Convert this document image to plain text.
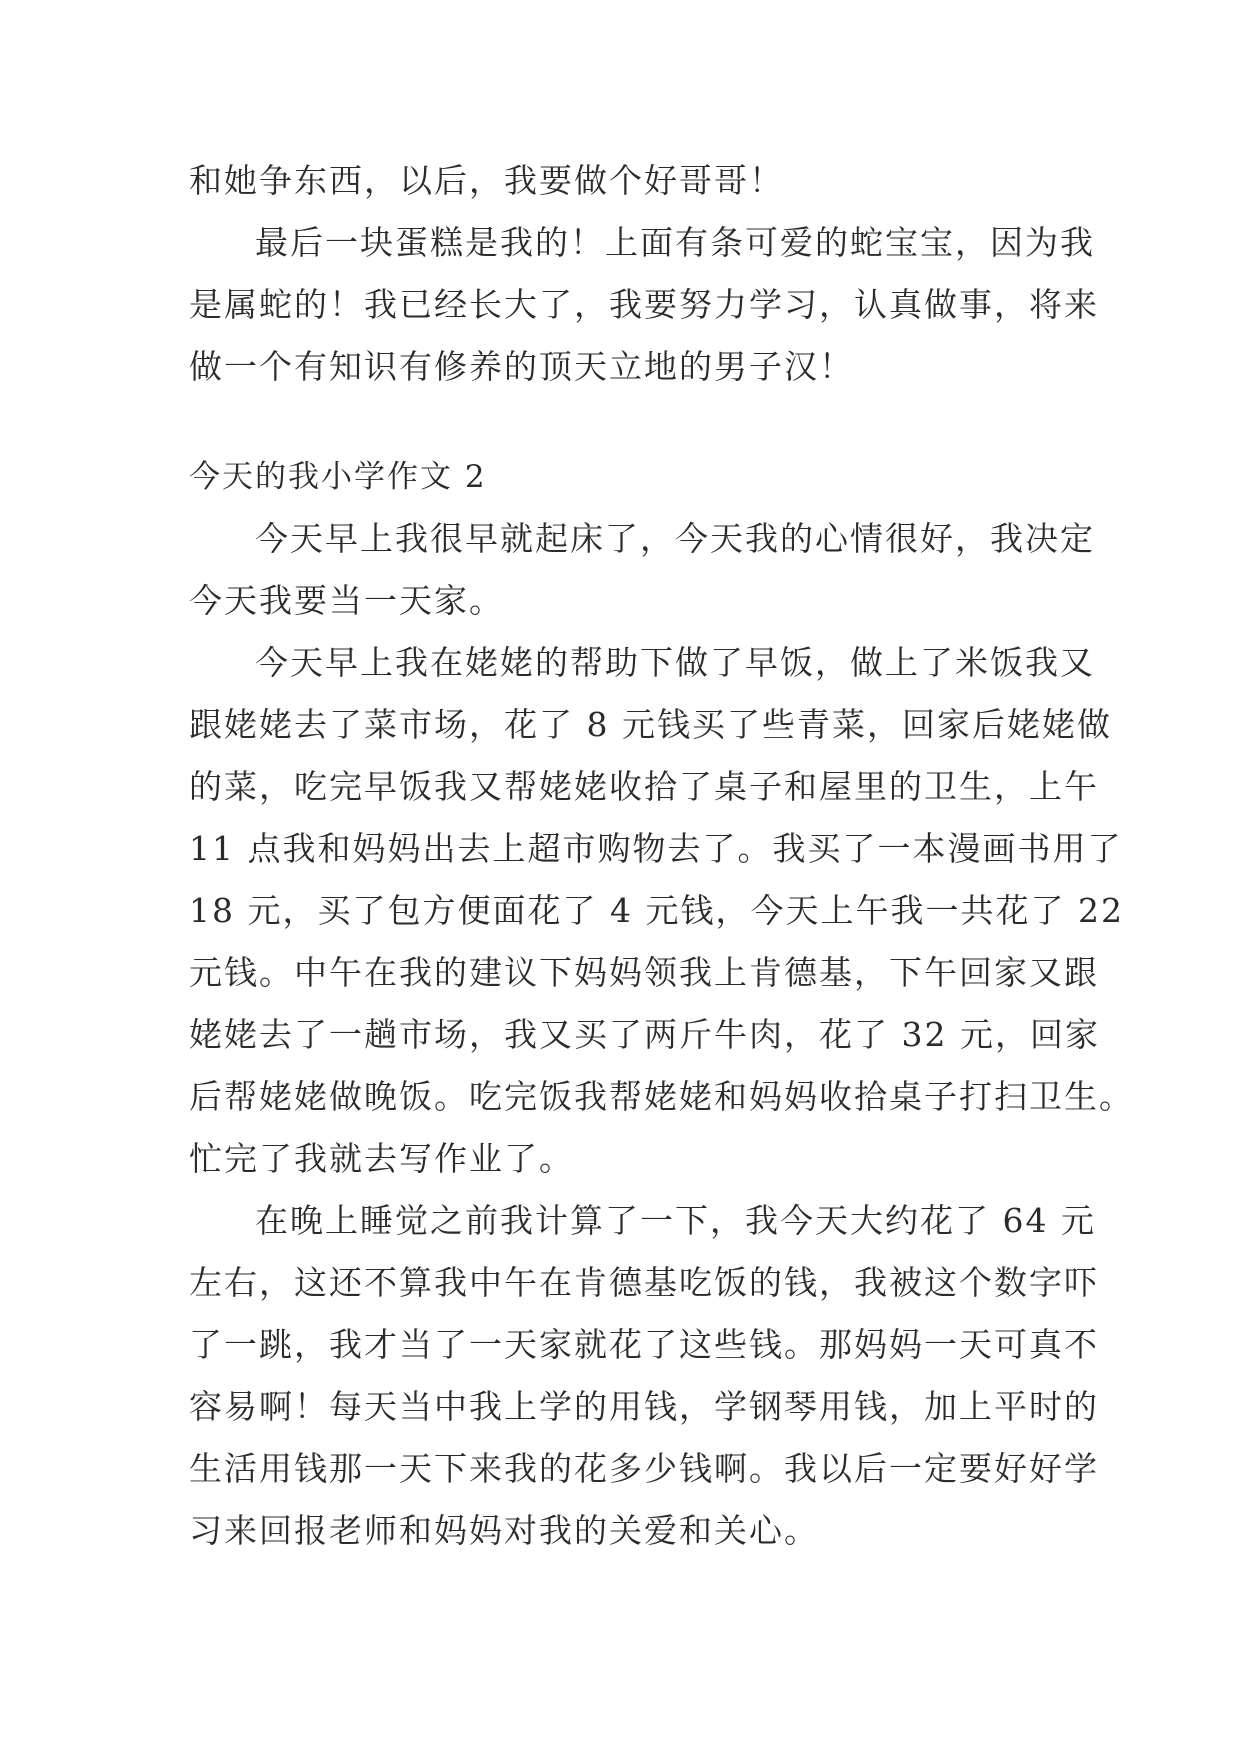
和她争东西，以后，我要做个好哥哥！
最后一块蛋糕是我的！上面有条可爱的蛇宝宝，因为我
是属蛇的！我已经长大了，我要努力学习，认真做事，将来
做一个有知识有修养的顶天立地的男子汉！
今天的我小学作文 2
今天早上我很早就起床了，今天我的心情很好，我决定
今天我要当一天家。
今天早上我在姥姥的帮助下做了早饭，做上了米饭我又
跟姥姥去了菜市场，花了 8 元钱买了些青菜，回家后姥姥做
的菜，吃完早饭我又帮姥姥收拾了桌子和屋里的卫生，上午
11 点我和妈妈出去上超市购物去了。我买了一本漫画书用了
18 元，买了包方便面花了 4 元钱，今天上午我一共花了 22
元钱。中午在我的建议下妈妈领我上肯德基，下午回家又跟
姥姥去了一趟市场，我又买了两斤牛肉，花了 32 元，回家
后帮姥姥做晚饭。吃完饭我帮姥姥和妈妈收拾桌子打扫卫生。
忙完了我就去写作业了。
在晚上睡觉之前我计算了一下，我今天大约花了 64 元
左右，这还不算我中午在肯德基吃饭的钱，我被这个数字吓
了一跳，我才当了一天家就花了这些钱。那妈妈一天可真不
容易啊！每天当中我上学的用钱，学钢琴用钱，加上平时的
生活用钱那一天下来我的花多少钱啊。我以后一定要好好学
习来回报老师和妈妈对我的关爱和关心。
